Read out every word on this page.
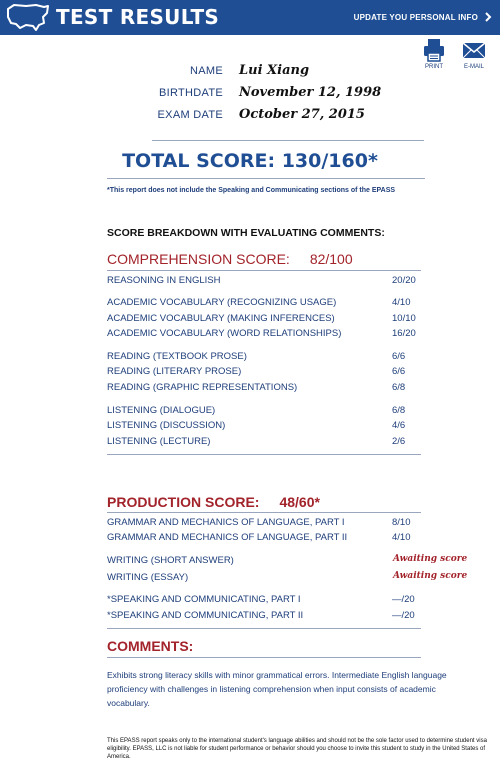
TEST RESULTS	UPDATE YOU PERSONAL INFO
PRINT	E-MAIL
NAME Lui Xiang
BIRTHDATE November 12, 1998
EXAM DATE October 27, 2015
TOTAL SCORE: 130/160*
*This report does not include the Speaking and Communicating sections of the EPASS
SCORE BREAKDOWN WITH EVALUATING COMMENTS:
COMPREHENSION SCORE: 82/100
REASONING IN ENGLISH	20/20
ACADEMIC VOCABULARY (RECOGNIZING USAGE)	4/10
ACADEMIC VOCABULARY (MAKING INFERENCES)	10/10
ACADEMIC VOCABULARY (WORD RELATIONSHIPS)	16/20
READING (TEXTBOOK PROSE)	6/6
READING (LITERARY PROSE)	6/6
READING (GRAPHIC REPRESENTATIONS)	6/8
LISTENING (DIALOGUE)	6/8
LISTENING (DISCUSSION)	4/6
LISTENING (LECTURE)	2/6
PRODUCTION SCORE: 48/60*
GRAMMAR AND MECHANICS OF LANGUAGE, PART I	8/10
GRAMMAR AND MECHANICS OF LANGUAGE, PART II	4/10
WRITING (SHORT ANSWER)	Awaiting score
WRITING (ESSAY)	Awaiting score
*SPEAKING AND COMMUNICATING, PART I	—/20
*SPEAKING AND COMMUNICATING, PART II	—/20
COMMENTS:
Exhibits strong literacy skills with minor grammatical errors. Intermediate English language proficiency with challenges in listening comprehension when input consists of academic vocabulary.
This EPASS report speaks only to the international student's language abilities and should not be the sole factor used to determine student visa eligibility. EPASS, LLC is not liable for student performance or behavior should you choose to invite this student to study in the United States of America.
